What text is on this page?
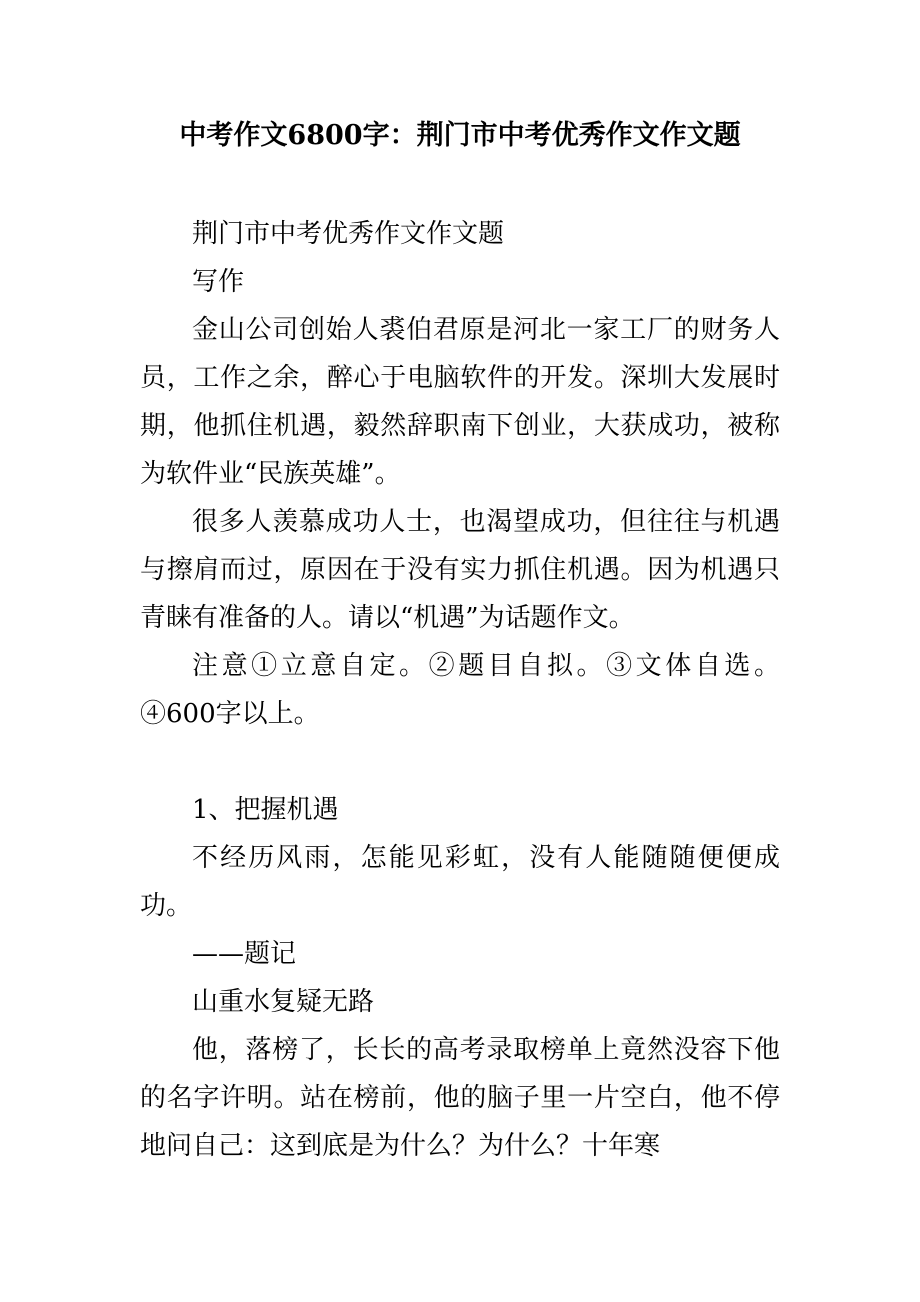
中考作文6800字：荆门市中考优秀作文作文题

荆门市中考优秀作文作文题

写作

金山公司创始人裘伯君原是河北一家工厂的财务人员，工作之余，醉心于电脑软件的开发。深圳大发展时期，他抓住机遇，毅然辞职南下创业，大获成功，被称为软件业“民族英雄”。

很多人羡慕成功人士，也渴望成功，但往往与机遇与擦肩而过，原因在于没有实力抓住机遇。因为机遇只青睐有准备的人。请以“机遇”为话题作文。

注意①立意自定。②题目自拟。③文体自选。④600字以上。

1、把握机遇

不经历风雨，怎能见彩虹，没有人能随随便便成功。

——题记

山重水复疑无路

他，落榜了，长长的高考录取榜单上竟然没容下他的名字许明。站在榜前，他的脑子里一片空白，他不停地问自己：这到底是为什么？为什么？十年寒
